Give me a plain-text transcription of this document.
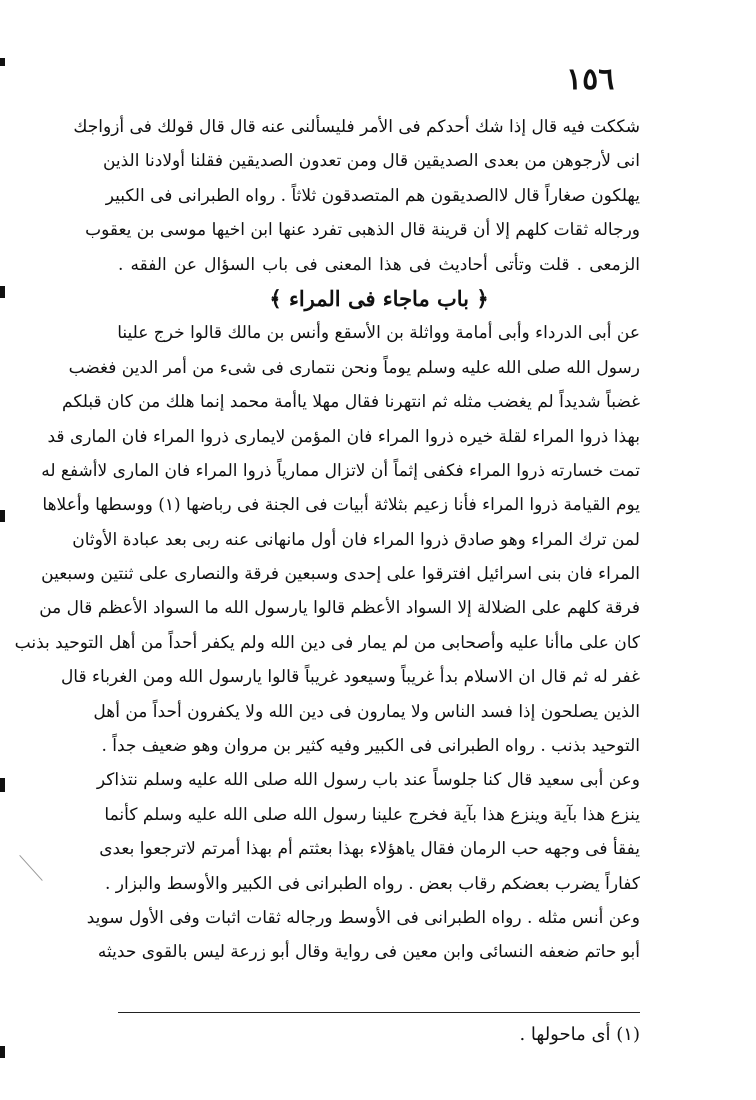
١٥٦
شككت فيه قال إذا شك أحدكم فى الأمر فليسألنى عنه قال قال قولك فى أزواجك
انى لأرجوهن من بعدى الصديقين قال ومن تعدون الصديقين فقلنا أولادنا الذين
يهلكون صغاراً قال لاالصديقون هم المتصدقون ثلاثاً . رواه الطبرانى فى الكبير
ورجاله ثقات كلهم إلا أن قرينة قال الذهبى تفرد عنها ابن اخيها موسى بن يعقوب
الزمعى . قلت وتأتى أحاديث فى هذا المعنى فى باب السؤال عن الفقه .
﴿ باب ماجاء فى المراء ﴾
عن أبى الدرداء وأبى أمامة وواثلة بن الأسقع وأنس بن مالك قالوا خرج علينا
رسول الله صلى الله عليه وسلم يوماً ونحن نتمارى فى شىء من أمر الدين فغضب
غضباً شديداً لم يغضب مثله ثم انتهرنا فقال مهلا ياأمة محمد إنما هلك من كان قبلكم
بهذا ذروا المراء لقلة خيره ذروا المراء فان المؤمن لايمارى ذروا المراء فان المارى قد
تمت خسارته ذروا المراء فكفى إثماً أن لاتزال ممارياً ذروا المراء فان المارى لاأشفع له
يوم القيامة ذروا المراء فأنا زعيم بثلاثة أبيات فى الجنة فى رباضها (١) ووسطها وأعلاها
لمن ترك المراء وهو صادق ذروا المراء فان أول مانهانى عنه ربى بعد عبادة الأوثان
المراء فان بنى اسرائيل افترقوا على إحدى وسبعين فرقة والنصارى على ثنتين وسبعين
فرقة كلهم على الضلالة إلا السواد الأعظم قالوا يارسول الله ما السواد الأعظم قال من
كان على ماأنا عليه وأصحابى من لم يمار فى دين الله ولم يكفر أحداً من أهل التوحيد بذنب
غفر له ثم قال ان الاسلام بدأ غريباً وسيعود غريباً قالوا يارسول الله ومن الغرباء قال
الذين يصلحون إذا فسد الناس ولا يمارون فى دين الله ولا يكفرون أحداً من أهل
التوحيد بذنب . رواه الطبرانى فى الكبير وفيه كثير بن مروان وهو ضعيف جداً .
وعن أبى سعيد قال كنا جلوساً عند باب رسول الله صلى الله عليه وسلم نتذاكر
ينزع هذا بآية وينزع هذا بآية فخرج علينا رسول الله صلى الله عليه وسلم كأنما
يفقأ فى وجهه حب الرمان فقال ياهؤلاء بهذا بعثتم أم بهذا أمرتم لاترجعوا بعدى
كفاراً يضرب بعضكم رقاب بعض . رواه الطبرانى فى الكبير والأوسط والبزار .
وعن أنس مثله . رواه الطبرانى فى الأوسط ورجاله ثقات اثبات وفى الأول سويد
أبو حاتم ضعفه النسائى وابن معين فى رواية وقال أبو زرعة ليس بالقوى حديثه
(١) أى ماحولها .
